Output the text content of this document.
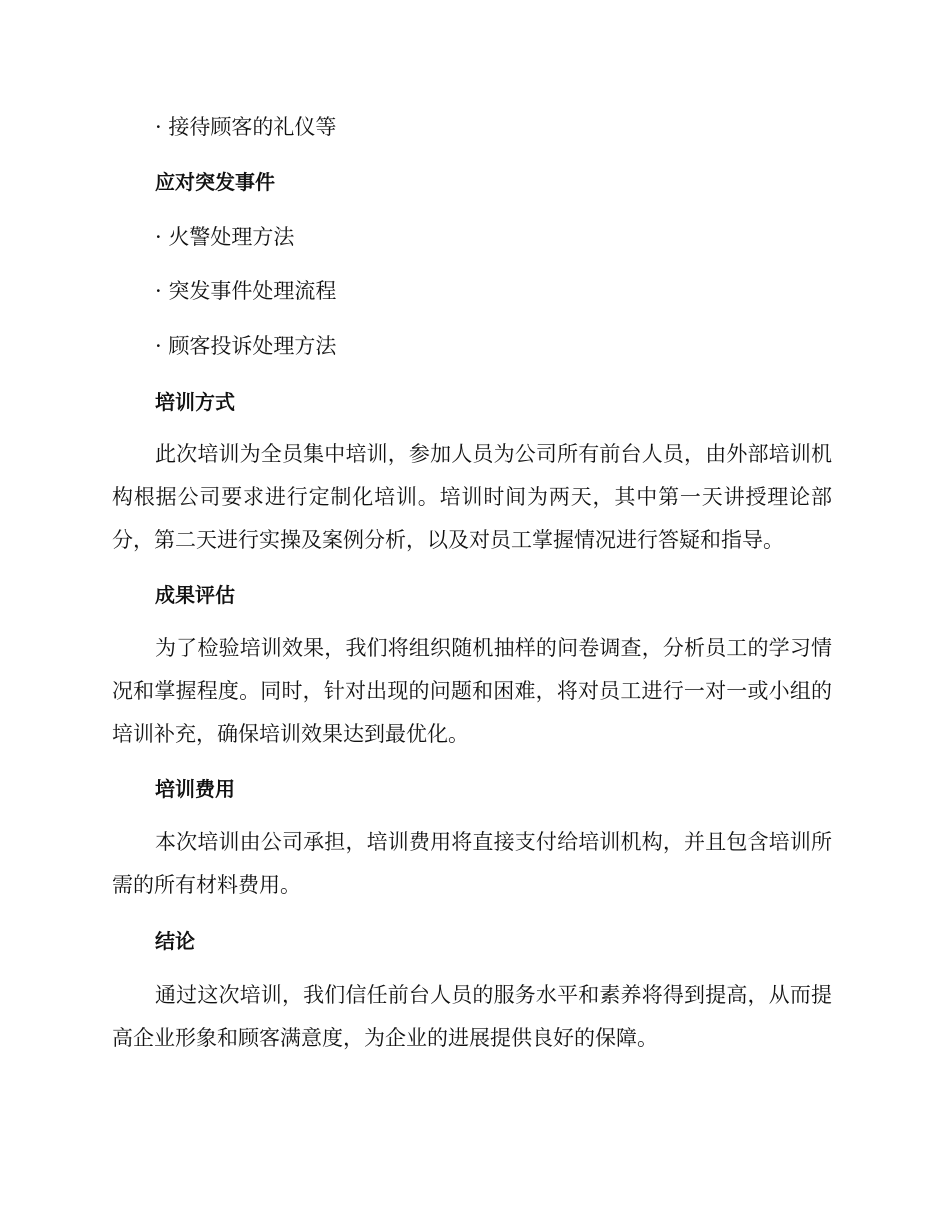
· 接待顾客的礼仪等

应对突发事件

· 火警处理方法

· 突发事件处理流程

· 顾客投诉处理方法

培训方式

此次培训为全员集中培训，参加人员为公司所有前台人员，由外部培训机构根据公司要求进行定制化培训。培训时间为两天，其中第一天讲授理论部分，第二天进行实操及案例分析，以及对员工掌握情况进行答疑和指导。

成果评估

为了检验培训效果，我们将组织随机抽样的问卷调查，分析员工的学习情况和掌握程度。同时，针对出现的问题和困难，将对员工进行一对一或小组的培训补充，确保培训效果达到最优化。

培训费用

本次培训由公司承担，培训费用将直接支付给培训机构，并且包含培训所需的所有材料费用。

结论

通过这次培训，我们信任前台人员的服务水平和素养将得到提高，从而提高企业形象和顾客满意度，为企业的进展提供良好的保障。
